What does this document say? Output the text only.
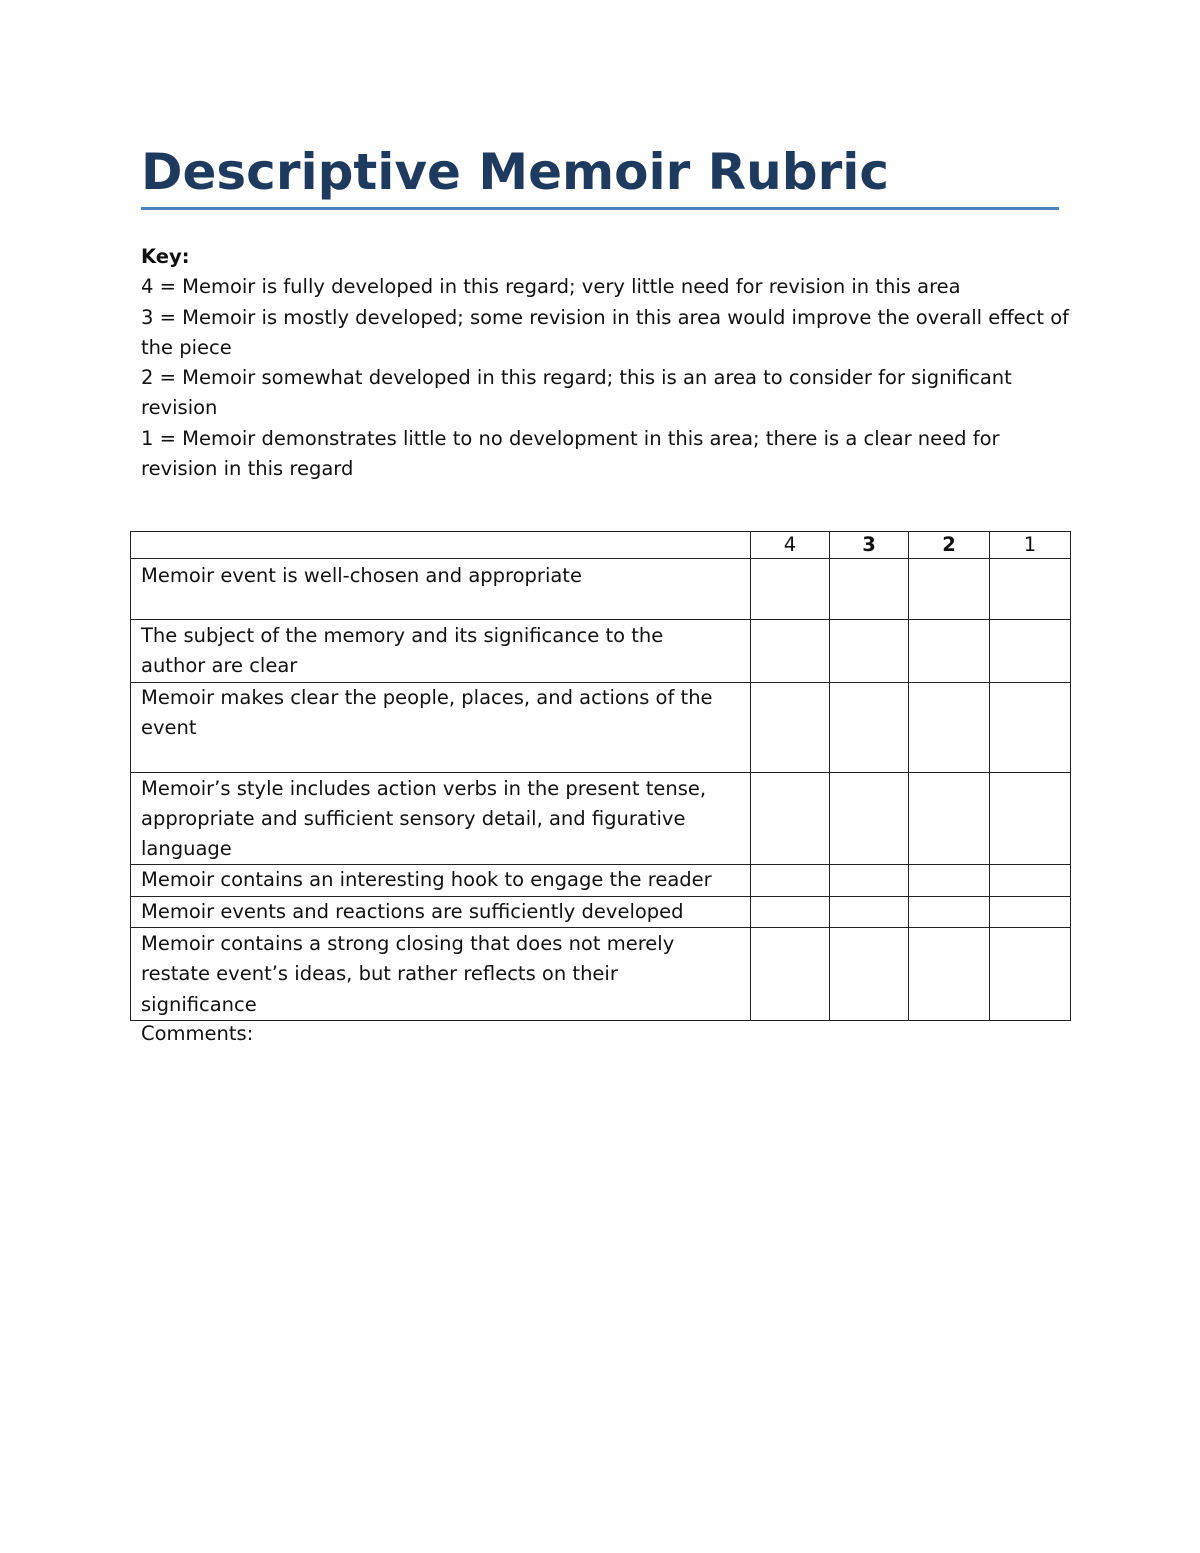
Descriptive Memoir Rubric
Key:
4 = Memoir is fully developed in this regard; very little need for revision in this area
3 = Memoir is mostly developed; some revision in this area would improve the overall effect of the piece
2 = Memoir somewhat developed in this regard; this is an area to consider for significant revision
1 = Memoir demonstrates little to no development in this area; there is a clear need for revision in this regard
	4	3	2	1

Memoir event is well-chosen and appropriate				

The subject of the memory and its significance to the author are clear				

Memoir makes clear the people, places, and actions of the event				

Memoir’s style includes action verbs in the present tense, appropriate and sufficient sensory detail, and figurative language				

Memoir contains an interesting hook to engage the reader				

Memoir events and reactions are sufficiently developed				

Memoir contains a strong closing that does not merely restate event’s ideas, but rather reflects on their significance				

Comments:
